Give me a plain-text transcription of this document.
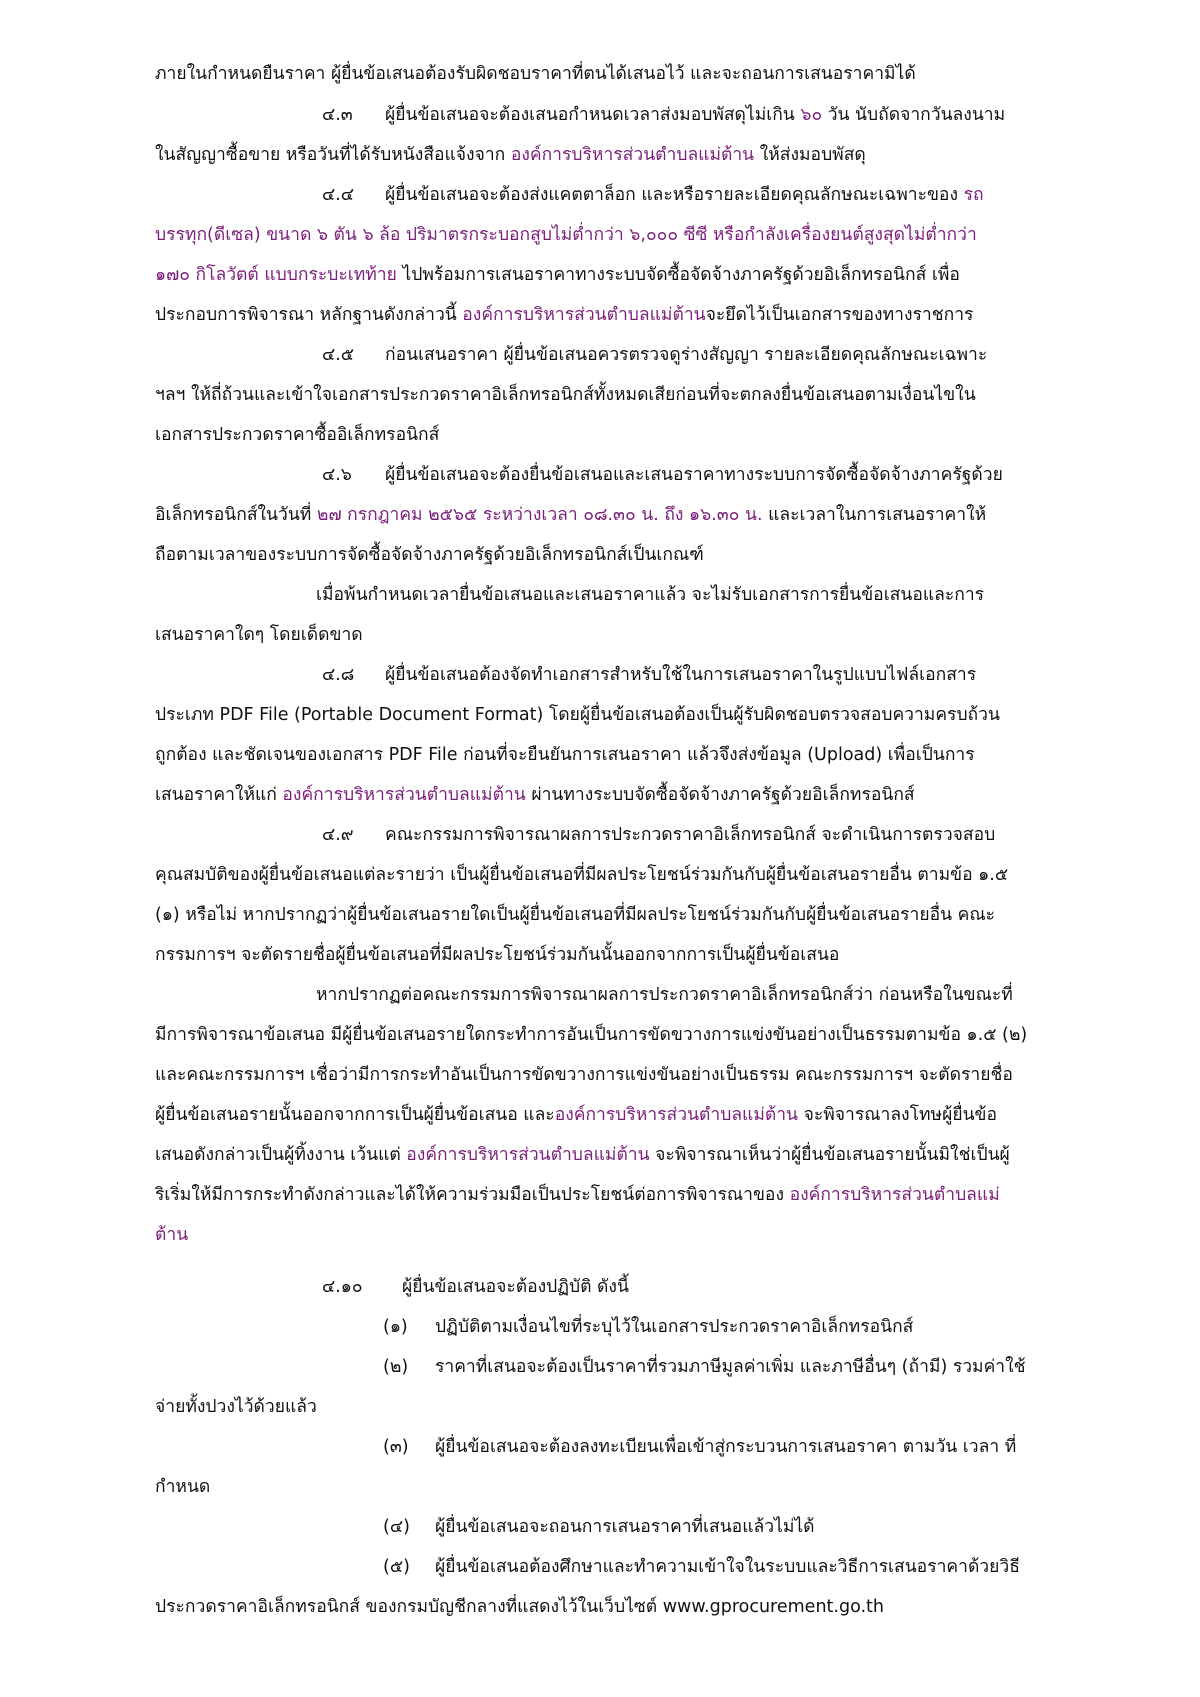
ภายในกำหนดยืนราคา ผู้ยื่นข้อเสนอต้องรับผิดชอบราคาที่ตนได้เสนอไว้ และจะถอนการเสนอราคามิได้
๔.๓ ผู้ยื่นข้อเสนอจะต้องเสนอกำหนดเวลาส่งมอบพัสดุไม่เกิน ๖๐ วัน นับถัดจากวันลงนาม
ในสัญญาซื้อขาย หรือวันที่ได้รับหนังสือแจ้งจาก องค์การบริหารส่วนตำบลแม่ต้าน ให้ส่งมอบพัสดุ
๔.๔ ผู้ยื่นข้อเสนอจะต้องส่งแคตตาล็อก และหรือรายละเอียดคุณลักษณะเฉพาะของ รถ
บรรทุก(ดีเซล) ขนาด ๖ ตัน ๖ ล้อ ปริมาตรกระบอกสูบไม่ต่ำกว่า ๖,๐๐๐ ซีซี หรือกำลังเครื่องยนต์สูงสุดไม่ต่ำกว่า
๑๗๐ กิโลวัตต์ แบบกระบะเทท้าย ไปพร้อมการเสนอราคาทางระบบจัดซื้อจัดจ้างภาครัฐด้วยอิเล็กทรอนิกส์ เพื่อ
ประกอบการพิจารณา หลักฐานดังกล่าวนี้ องค์การบริหารส่วนตำบลแม่ต้านจะยึดไว้เป็นเอกสารของทางราชการ
๔.๕ ก่อนเสนอราคา ผู้ยื่นข้อเสนอควรตรวจดูร่างสัญญา รายละเอียดคุณลักษณะเฉพาะ
ฯลฯ ให้ถี่ถ้วนและเข้าใจเอกสารประกวดราคาอิเล็กทรอนิกส์ทั้งหมดเสียก่อนที่จะตกลงยื่นข้อเสนอตามเงื่อนไขใน
เอกสารประกวดราคาซื้ออิเล็กทรอนิกส์
๔.๖ ผู้ยื่นข้อเสนอจะต้องยื่นข้อเสนอและเสนอราคาทางระบบการจัดซื้อจัดจ้างภาครัฐด้วย
อิเล็กทรอนิกส์ในวันที่ ๒๗ กรกฎาคม ๒๕๖๕ ระหว่างเวลา ๐๘.๓๐ น. ถึง ๑๖.๓๐ น. และเวลาในการเสนอราคาให้
ถือตามเวลาของระบบการจัดซื้อจัดจ้างภาครัฐด้วยอิเล็กทรอนิกส์เป็นเกณฑ์
เมื่อพ้นกำหนดเวลายื่นข้อเสนอและเสนอราคาแล้ว จะไม่รับเอกสารการยื่นข้อเสนอและการ
เสนอราคาใดๆ โดยเด็ดขาด
๔.๘ ผู้ยื่นข้อเสนอต้องจัดทำเอกสารสำหรับใช้ในการเสนอราคาในรูปแบบไฟล์เอกสาร
ประเภท PDF File (Portable Document Format) โดยผู้ยื่นข้อเสนอต้องเป็นผู้รับผิดชอบตรวจสอบความครบถ้วน
ถูกต้อง และชัดเจนของเอกสาร PDF File ก่อนที่จะยืนยันการเสนอราคา แล้วจึงส่งข้อมูล (Upload) เพื่อเป็นการ
เสนอราคาให้แก่ องค์การบริหารส่วนตำบลแม่ต้าน ผ่านทางระบบจัดซื้อจัดจ้างภาครัฐด้วยอิเล็กทรอนิกส์
๔.๙ คณะกรรมการพิจารณาผลการประกวดราคาอิเล็กทรอนิกส์ จะดำเนินการตรวจสอบ
คุณสมบัติของผู้ยื่นข้อเสนอแต่ละรายว่า เป็นผู้ยื่นข้อเสนอที่มีผลประโยชน์ร่วมกันกับผู้ยื่นข้อเสนอรายอื่น ตามข้อ ๑.๕
(๑) หรือไม่ หากปรากฏว่าผู้ยื่นข้อเสนอรายใดเป็นผู้ยื่นข้อเสนอที่มีผลประโยชน์ร่วมกันกับผู้ยื่นข้อเสนอรายอื่น คณะ
กรรมการฯ จะตัดรายชื่อผู้ยื่นข้อเสนอที่มีผลประโยชน์ร่วมกันนั้นออกจากการเป็นผู้ยื่นข้อเสนอ
หากปรากฏต่อคณะกรรมการพิจารณาผลการประกวดราคาอิเล็กทรอนิกส์ว่า ก่อนหรือในขณะที่
มีการพิจารณาข้อเสนอ มีผู้ยื่นข้อเสนอรายใดกระทำการอันเป็นการขัดขวางการแข่งขันอย่างเป็นธรรมตามข้อ ๑.๕ (๒)
และคณะกรรมการฯ เชื่อว่ามีการกระทำอันเป็นการขัดขวางการแข่งขันอย่างเป็นธรรม คณะกรรมการฯ จะตัดรายชื่อ
ผู้ยื่นข้อเสนอรายนั้นออกจากการเป็นผู้ยื่นข้อเสนอ และองค์การบริหารส่วนตำบลแม่ต้าน จะพิจารณาลงโทษผู้ยื่นข้อ
เสนอดังกล่าวเป็นผู้ทิ้งงาน เว้นแต่ องค์การบริหารส่วนตำบลแม่ต้าน จะพิจารณาเห็นว่าผู้ยื่นข้อเสนอรายนั้นมิใช่เป็นผู้
ริเริ่มให้มีการกระทำดังกล่าวและได้ให้ความร่วมมือเป็นประโยชน์ต่อการพิจารณาของ องค์การบริหารส่วนตำบลแม่
ต้าน
๔.๑๐ ผู้ยื่นข้อเสนอจะต้องปฏิบัติ ดังนี้
(๑) ปฏิบัติตามเงื่อนไขที่ระบุไว้ในเอกสารประกวดราคาอิเล็กทรอนิกส์
(๒) ราคาที่เสนอจะต้องเป็นราคาที่รวมภาษีมูลค่าเพิ่ม และภาษีอื่นๆ (ถ้ามี) รวมค่าใช้
จ่ายทั้งปวงไว้ด้วยแล้ว
(๓) ผู้ยื่นข้อเสนอจะต้องลงทะเบียนเพื่อเข้าสู่กระบวนการเสนอราคา ตามวัน เวลา ที่
กำหนด
(๔) ผู้ยื่นข้อเสนอจะถอนการเสนอราคาที่เสนอแล้วไม่ได้
(๕) ผู้ยื่นข้อเสนอต้องศึกษาและทำความเข้าใจในระบบและวิธีการเสนอราคาด้วยวิธี
ประกวดราคาอิเล็กทรอนิกส์ ของกรมบัญชีกลางที่แสดงไว้ในเว็บไซต์ www.gprocurement.go.th
